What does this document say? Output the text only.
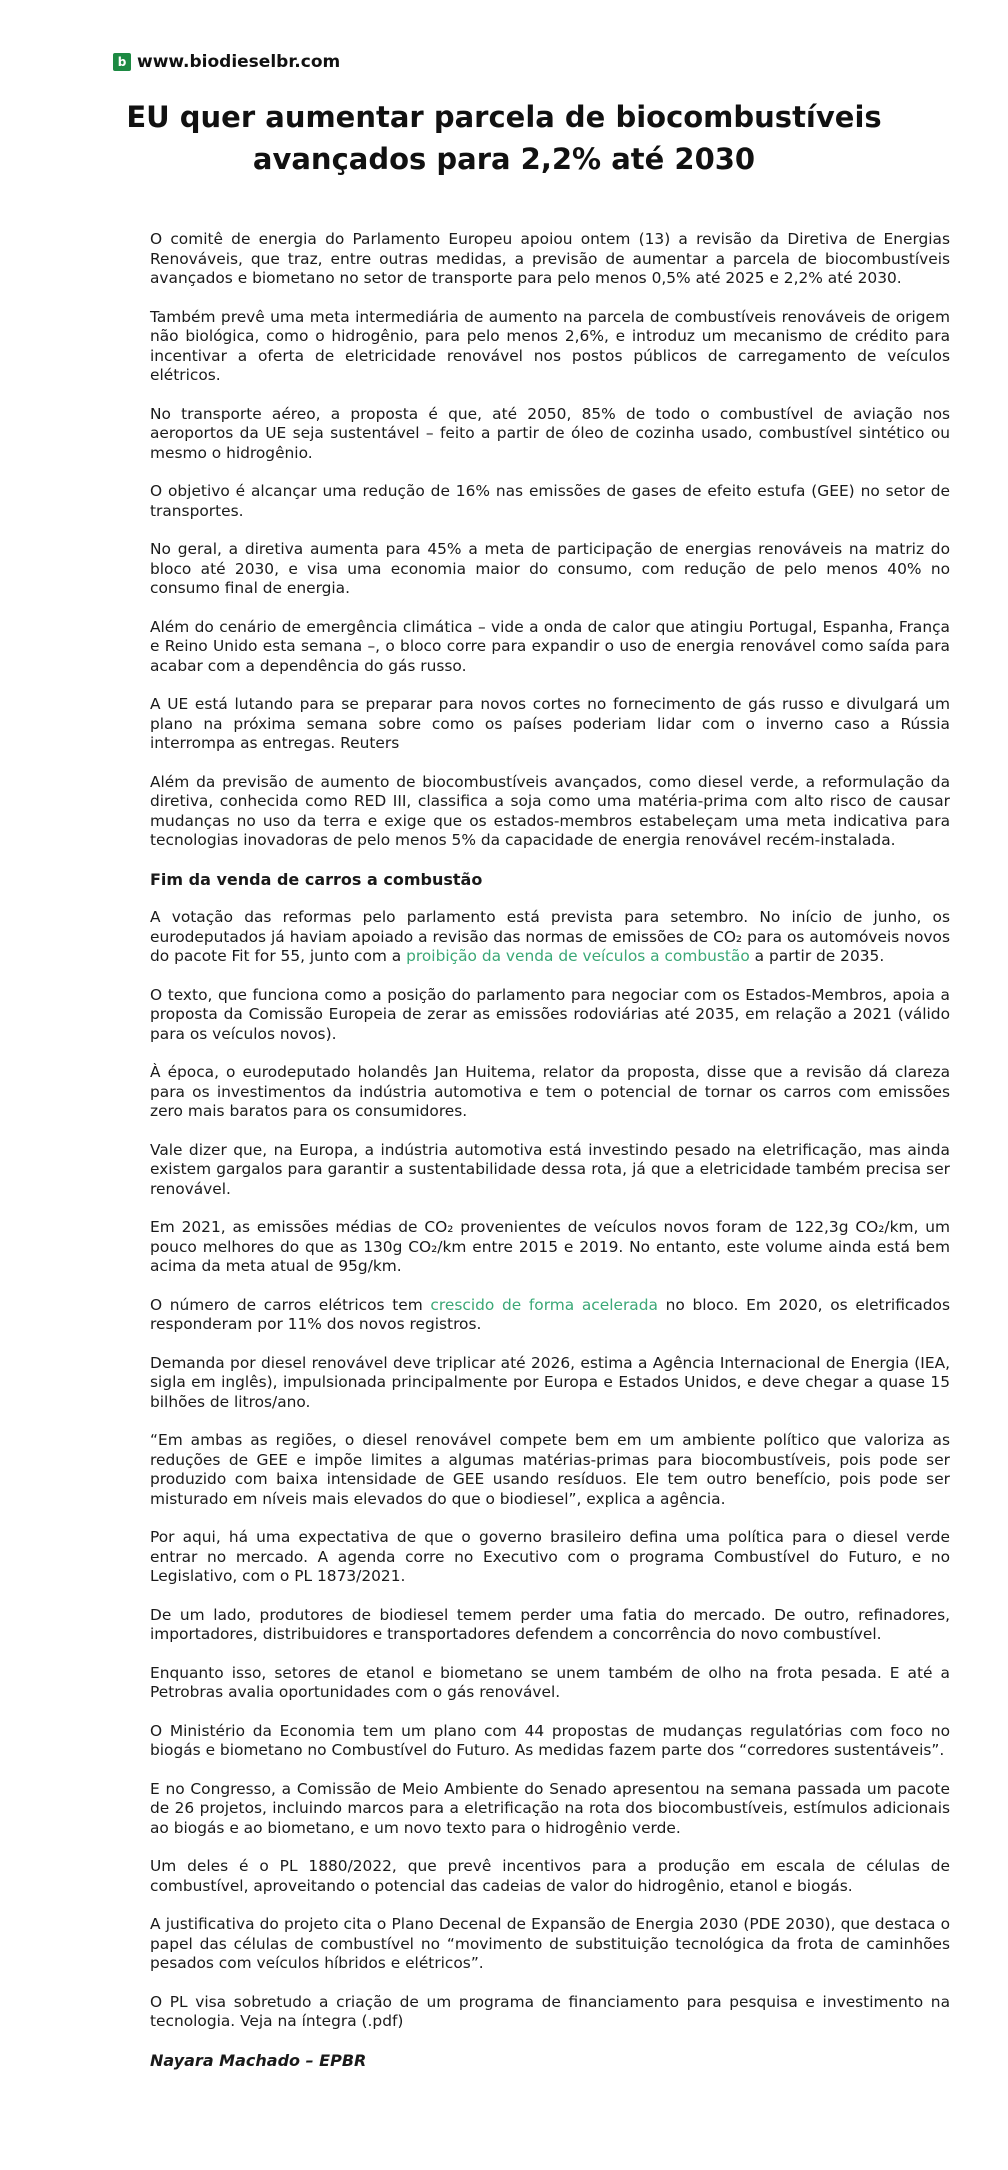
b www.biodieselbr.com
EU quer aumentar parcela de biocombustíveis avançados para 2,2% até 2030

O comitê de energia do Parlamento Europeu apoiou ontem (13) a revisão da Diretiva de Energias Renováveis, que traz, entre outras medidas, a previsão de aumentar a parcela de biocombustíveis avançados e biometano no setor de transporte para pelo menos 0,5% até 2025 e 2,2% até 2030.

Também prevê uma meta intermediária de aumento na parcela de combustíveis renováveis de origem não biológica, como o hidrogênio, para pelo menos 2,6%, e introduz um mecanismo de crédito para incentivar a oferta de eletricidade renovável nos postos públicos de carregamento de veículos elétricos.

No transporte aéreo, a proposta é que, até 2050, 85% de todo o combustível de aviação nos aeroportos da UE seja sustentável – feito a partir de óleo de cozinha usado, combustível sintético ou mesmo o hidrogênio.

O objetivo é alcançar uma redução de 16% nas emissões de gases de efeito estufa (GEE) no setor de transportes.

No geral, a diretiva aumenta para 45% a meta de participação de energias renováveis na matriz do bloco até 2030, e visa uma economia maior do consumo, com redução de pelo menos 40% no consumo final de energia.

Além do cenário de emergência climática – vide a onda de calor que atingiu Portugal, Espanha, França e Reino Unido esta semana –, o bloco corre para expandir o uso de energia renovável como saída para acabar com a dependência do gás russo.

A UE está lutando para se preparar para novos cortes no fornecimento de gás russo e divulgará um plano na próxima semana sobre como os países poderiam lidar com o inverno caso a Rússia interrompa as entregas. Reuters

Além da previsão de aumento de biocombustíveis avançados, como diesel verde, a reformulação da diretiva, conhecida como RED III, classifica a soja como uma matéria-prima com alto risco de causar mudanças no uso da terra e exige que os estados-membros estabeleçam uma meta indicativa para tecnologias inovadoras de pelo menos 5% da capacidade de energia renovável recém-instalada.

Fim da venda de carros a combustão

A votação das reformas pelo parlamento está prevista para setembro. No início de junho, os eurodeputados já haviam apoiado a revisão das normas de emissões de CO₂ para os automóveis novos do pacote Fit for 55, junto com a proibição da venda de veículos a combustão a partir de 2035.

O texto, que funciona como a posição do parlamento para negociar com os Estados-Membros, apoia a proposta da Comissão Europeia de zerar as emissões rodoviárias até 2035, em relação a 2021 (válido para os veículos novos).

À época, o eurodeputado holandês Jan Huitema, relator da proposta, disse que a revisão dá clareza para os investimentos da indústria automotiva e tem o potencial de tornar os carros com emissões zero mais baratos para os consumidores.

Vale dizer que, na Europa, a indústria automotiva está investindo pesado na eletrificação, mas ainda existem gargalos para garantir a sustentabilidade dessa rota, já que a eletricidade também precisa ser renovável.

Em 2021, as emissões médias de CO₂ provenientes de veículos novos foram de 122,3g CO₂/km, um pouco melhores do que as 130g CO₂/km entre 2015 e 2019. No entanto, este volume ainda está bem acima da meta atual de 95g/km.

O número de carros elétricos tem crescido de forma acelerada no bloco. Em 2020, os eletrificados responderam por 11% dos novos registros.

Demanda por diesel renovável deve triplicar até 2026, estima a Agência Internacional de Energia (IEA, sigla em inglês), impulsionada principalmente por Europa e Estados Unidos, e deve chegar a quase 15 bilhões de litros/ano.

“Em ambas as regiões, o diesel renovável compete bem em um ambiente político que valoriza as reduções de GEE e impõe limites a algumas matérias-primas para biocombustíveis, pois pode ser produzido com baixa intensidade de GEE usando resíduos. Ele tem outro benefício, pois pode ser misturado em níveis mais elevados do que o biodiesel”, explica a agência.

Por aqui, há uma expectativa de que o governo brasileiro defina uma política para o diesel verde entrar no mercado. A agenda corre no Executivo com o programa Combustível do Futuro, e no Legislativo, com o PL 1873/2021.

De um lado, produtores de biodiesel temem perder uma fatia do mercado. De outro, refinadores, importadores, distribuidores e transportadores defendem a concorrência do novo combustível.

Enquanto isso, setores de etanol e biometano se unem também de olho na frota pesada. E até a Petrobras avalia oportunidades com o gás renovável.

O Ministério da Economia tem um plano com 44 propostas de mudanças regulatórias com foco no biogás e biometano no Combustível do Futuro. As medidas fazem parte dos “corredores sustentáveis”.

E no Congresso, a Comissão de Meio Ambiente do Senado apresentou na semana passada um pacote de 26 projetos, incluindo marcos para a eletrificação na rota dos biocombustíveis, estímulos adicionais ao biogás e ao biometano, e um novo texto para o hidrogênio verde.

Um deles é o PL 1880/2022, que prevê incentivos para a produção em escala de células de combustível, aproveitando o potencial das cadeias de valor do hidrogênio, etanol e biogás.

A justificativa do projeto cita o Plano Decenal de Expansão de Energia 2030 (PDE 2030), que destaca o papel das células de combustível no “movimento de substituição tecnológica da frota de caminhões pesados com veículos híbridos e elétricos”.

O PL visa sobretudo a criação de um programa de financiamento para pesquisa e investimento na tecnologia. Veja na íntegra (.pdf)

Nayara Machado – EPBR
